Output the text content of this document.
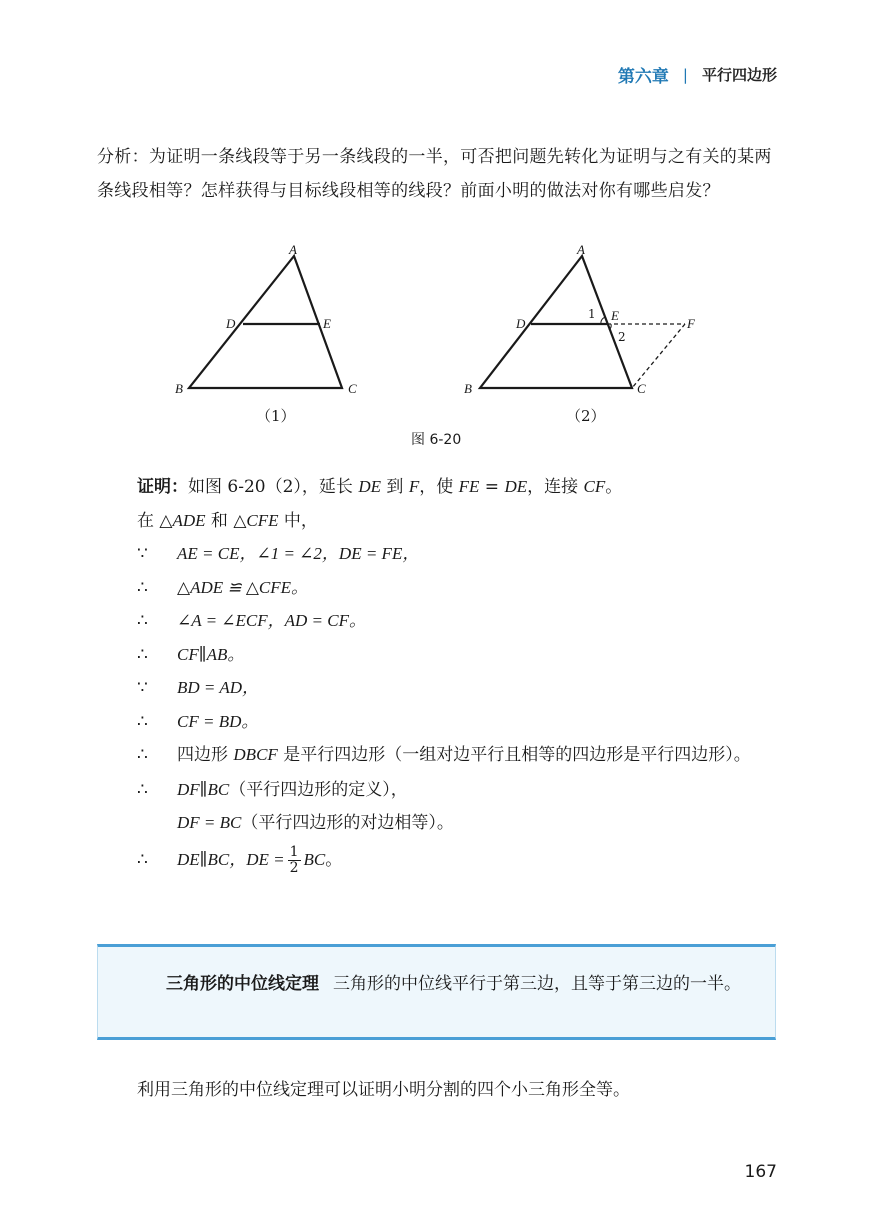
第六章 | 平行四边形
分析：为证明一条线段等于另一条线段的一半，可否把问题先转化为证明与之有关的某两条线段相等？怎样获得与目标线段相等的线段？前面小明的做法对你有哪些启发？
A
B	C
D	E
（1）
1
2
A
B	C
D
E
F
（2）
图 6-20
证明：如图 6-20（2），延长 DE 到 F，使 FE = DE，连接 CF。
在 △ADE 和 △CFE 中，
∵ AE = CE，∠1 = ∠2，DE = FE，
∴ △ADE ≌ △CFE。
∴ ∠A = ∠ECF，AD = CF。
∴ CF∥AB。
∵ BD = AD，
∴ CF = BD。
∴ 四边形 DBCF 是平行四边形（一组对边平行且相等的四边形是平行四边形）。
∴ DF∥BC（平行四边形的定义），
DF = BC（平行四边形的对边相等）。
∴ DE∥BC，DE = $\frac{1}{2}$ BC。

三角形的中位线定理 三角形的中位线平行于第三边，且等于第三边的一半。

利用三角形的中位线定理可以证明小明分割的四个小三角形全等。
167
